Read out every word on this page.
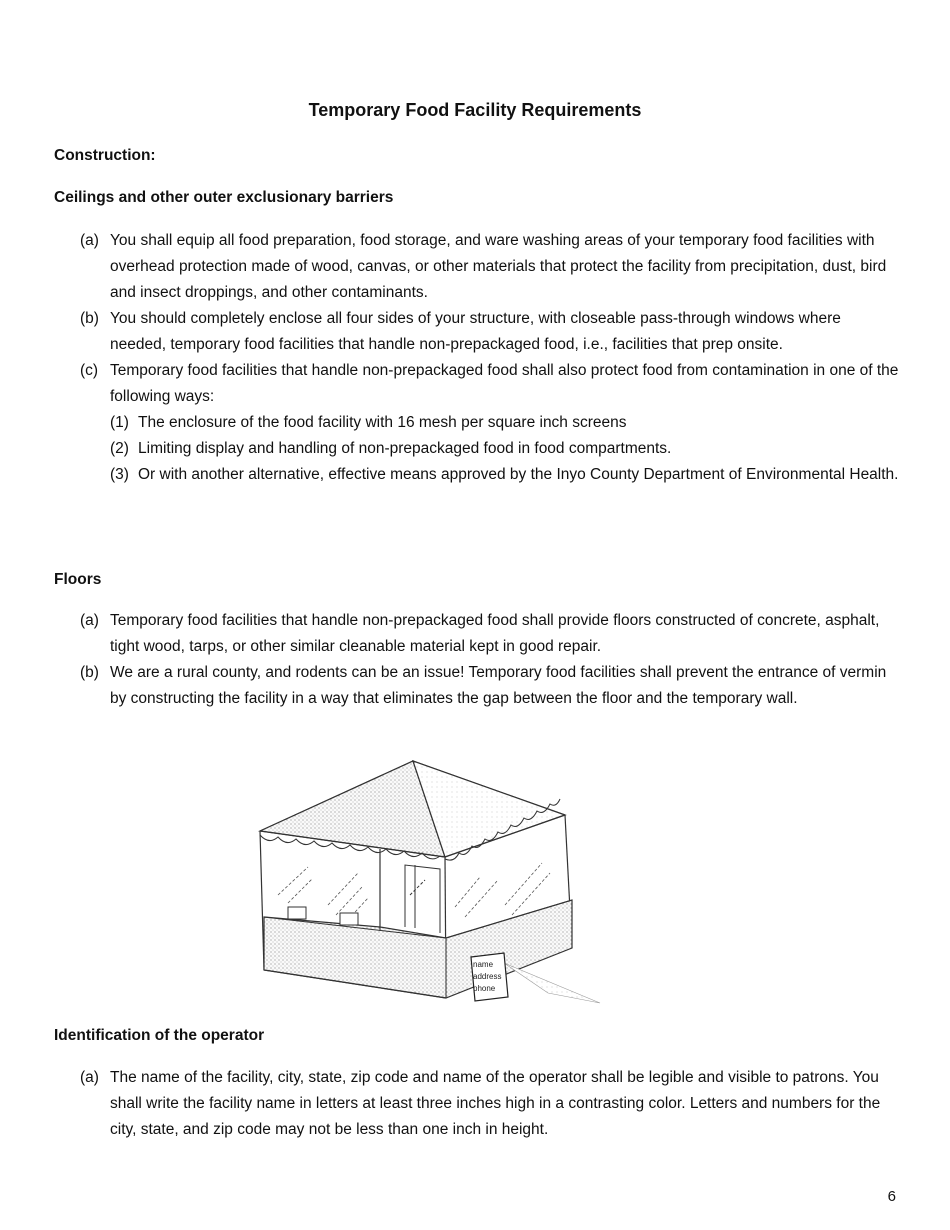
Temporary Food Facility Requirements
Construction:
Ceilings and other outer exclusionary barriers
(a) You shall equip all food preparation, food storage, and ware washing areas of your temporary food facilities with overhead protection made of wood, canvas, or other materials that protect the facility from precipitation, dust, bird and insect droppings, and other contaminants.
(b) You should completely enclose all four sides of your structure, with closeable pass-through windows where needed, temporary food facilities that handle non-prepackaged food, i.e., facilities that prep onsite.
(c) Temporary food facilities that handle non-prepackaged food shall also protect food from contamination in one of the following ways:
(1) The enclosure of the food facility with 16 mesh per square inch screens
(2) Limiting display and handling of non-prepackaged food in food compartments.
(3) Or with another alternative, effective means approved by the Inyo County Department of Environmental Health.
Floors
(a) Temporary food facilities that handle non-prepackaged food shall provide floors constructed of concrete, asphalt, tight wood, tarps, or other similar cleanable material kept in good repair.
(b) We are a rural county, and rodents can be an issue! Temporary food facilities shall prevent the entrance of vermin by constructing the facility in a way that eliminates the gap between the floor and the temporary wall.
name
address
phone
Identification of the operator
(a) The name of the facility, city, state, zip code and name of the operator shall be legible and visible to patrons. You shall write the facility name in letters at least three inches high in a contrasting color. Letters and numbers for the city, state, and zip code may not be less than one inch in height.
6
